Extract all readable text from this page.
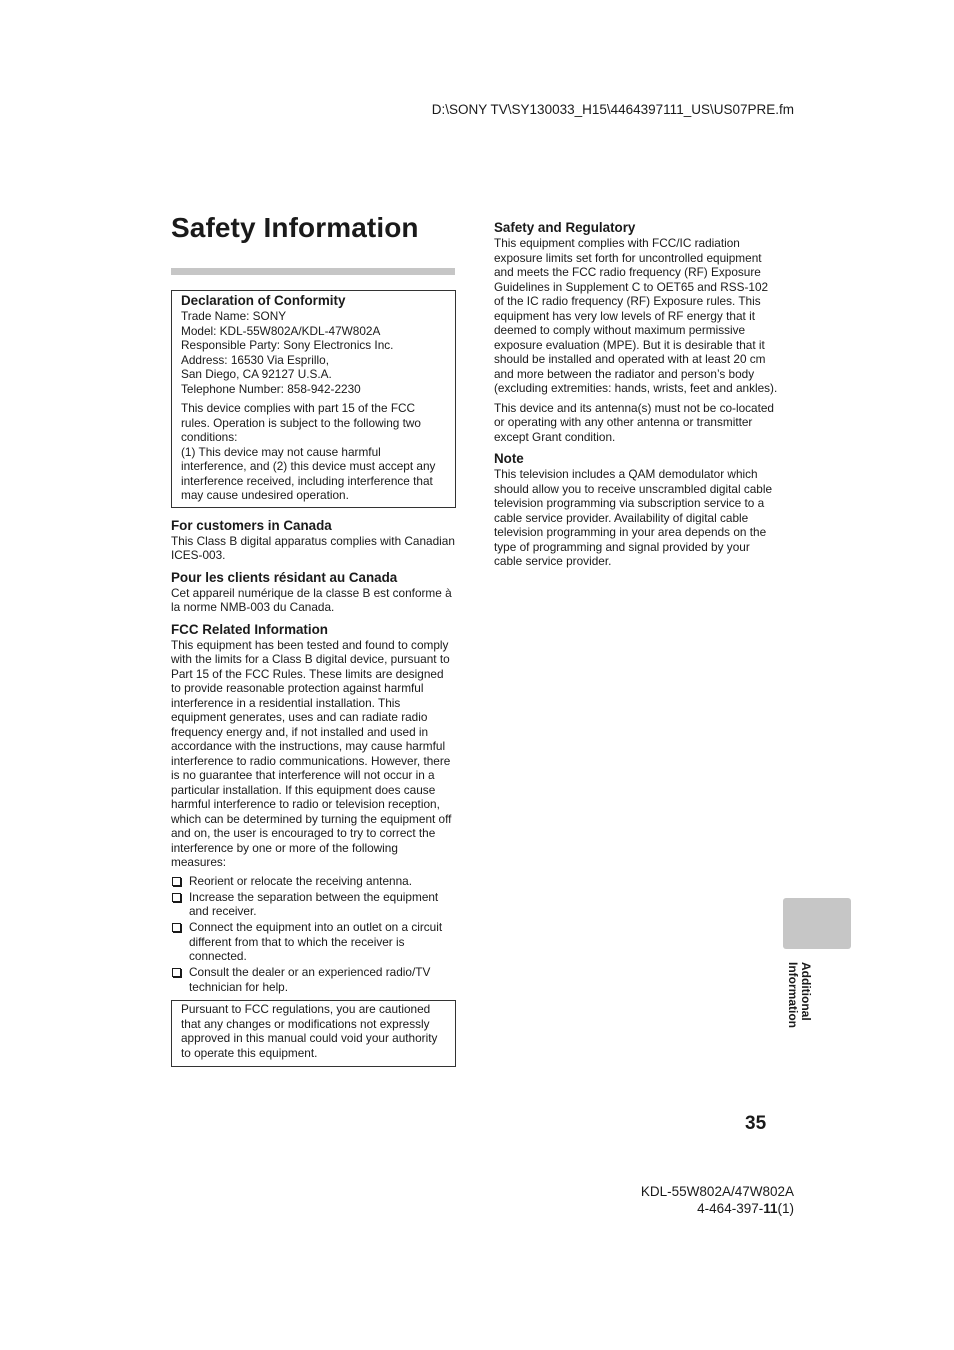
D:\SONY TV\SY130033_H15\4464397111_US\US07PRE.fm
Safety Information
Declaration of Conformity

Trade Name: SONY
Model: KDL-55W802A/KDL-47W802A
Responsible Party: Sony Electronics Inc.
Address: 16530 Via Esprillo,
San Diego, CA 92127 U.S.A.
Telephone Number: 858-942-2230

This device complies with part 15 of the FCC rules. Operation is subject to the following two conditions:

(1) This device may not cause harmful interference, and (2) this device must accept any interference received, including interference that may cause undesired operation.

For customers in Canada

This Class B digital apparatus complies with Canadian ICES-003.

Pour les clients résidant au Canada

Cet appareil numérique de la classe B est conforme à la norme NMB-003 du Canada.

FCC Related Information

This equipment has been tested and found to comply with the limits for a Class B digital device, pursuant to Part 15 of the FCC Rules. These limits are designed to provide reasonable protection against harmful interference in a residential installation. This equipment generates, uses and can radiate radio frequency energy and, if not installed and used in accordance with the instructions, may cause harmful interference to radio communications. However, there is no guarantee that interference will not occur in a particular installation. If this equipment does cause harmful interference to radio or television reception, which can be determined by turning the equipment off and on, the user is encouraged to try to correct the interference by one or more of the following measures:

Reorient or relocate the receiving antenna.
Increase the separation between the equipment and receiver.
Connect the equipment into an outlet on a circuit different from that to which the receiver is connected.
Consult the dealer or an experienced radio/TV technician for help.

Pursuant to FCC regulations, you are cautioned that any changes or modifications not expressly approved in this manual could void your authority to operate this equipment.

Safety and Regulatory

This equipment complies with FCC/IC radiation exposure limits set forth for uncontrolled equipment and meets the FCC radio frequency (RF) Exposure Guidelines in Supplement C to OET65 and RSS-102 of the IC radio frequency (RF) Exposure rules. This equipment has very low levels of RF energy that it deemed to comply without maximum permissive exposure evaluation (MPE). But it is desirable that it should be installed and operated with at least 20 cm and more between the radiator and person’s body (excluding extremities: hands, wrists, feet and ankles).

This device and its antenna(s) must not be co-located or operating with any other antenna or transmitter except Grant condition.

Note

This television includes a QAM demodulator which should allow you to receive unscrambled digital cable television programming via subscription service to a cable service provider. Availability of digital cable television programming in your area depends on the type of programming and signal provided by your cable service provider.

Additional
Information
35
KDL-55W802A/47W802A
4-464-397-11(1)
